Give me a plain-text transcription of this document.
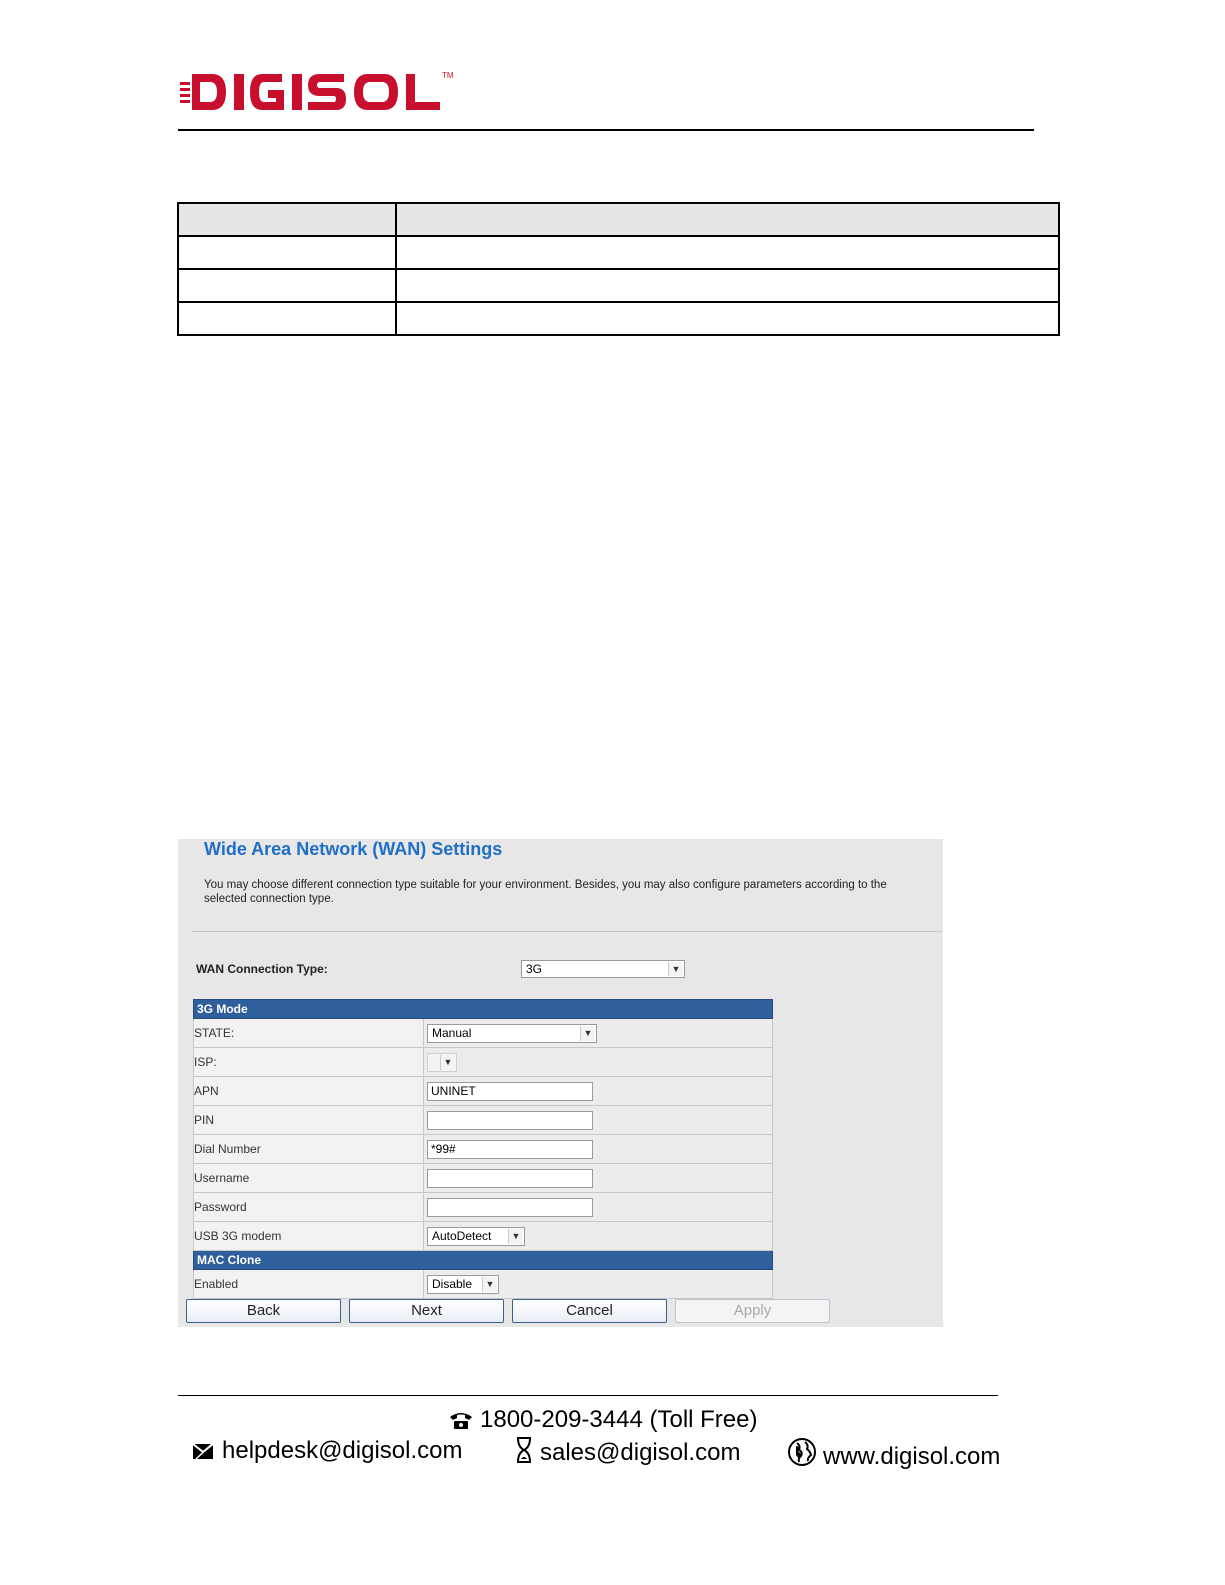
TM

Wide Area Network (WAN) Settings
You may choose different connection type suitable for your environment. Besides, you may also configure parameters according to the selected connection type.
WAN Connection Type:	3G	▼
3G Mode	
STATE:	Manual ▼

ISP:	▼

APN	UNINET
PIN	
Dial Number	*99#
Username	
Password	
USB 3G modem	AutoDetect ▼

MAC Clone	
Enabled	Disable ▼
Back	Next	Cancel	Apply
1800-209-3444 (Toll Free)
helpdesk@digisol.com	sales@digisol.com	www.digisol.com
